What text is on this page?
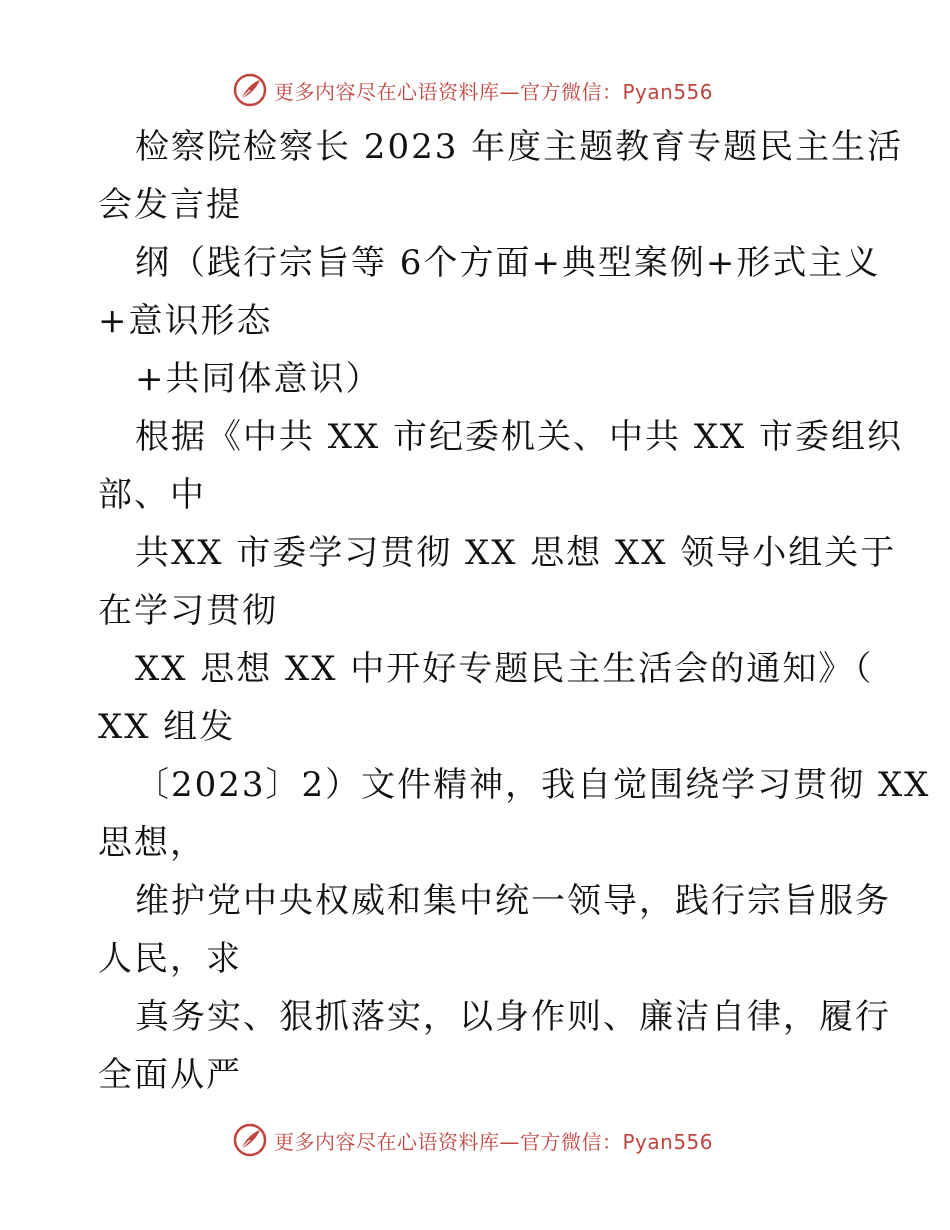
更多内容尽在心语资料库—官方微信：Pyan556
检察院检察长 2023 年度主题教育专题民主生活
会发言提
纲（践行宗旨等 6个方面+典型案例+形式主义
+意识形态
+共同体意识）
根据《中共 XX 市纪委机关、中共 XX 市委组织
部、中
共XX 市委学习贯彻 XX 思想 XX 领导小组关于
在学习贯彻
XX 思想 XX 中开好专题民主生活会的通知》（
XX 组发
〔2023〕2）文件精神，我自觉围绕学习贯彻 XX
思想，
维护党中央权威和集中统一领导，践行宗旨服务
人民，求
真务实、狠抓落实，以身作则、廉洁自律，履行
全面从严
更多内容尽在心语资料库—官方微信：Pyan556
